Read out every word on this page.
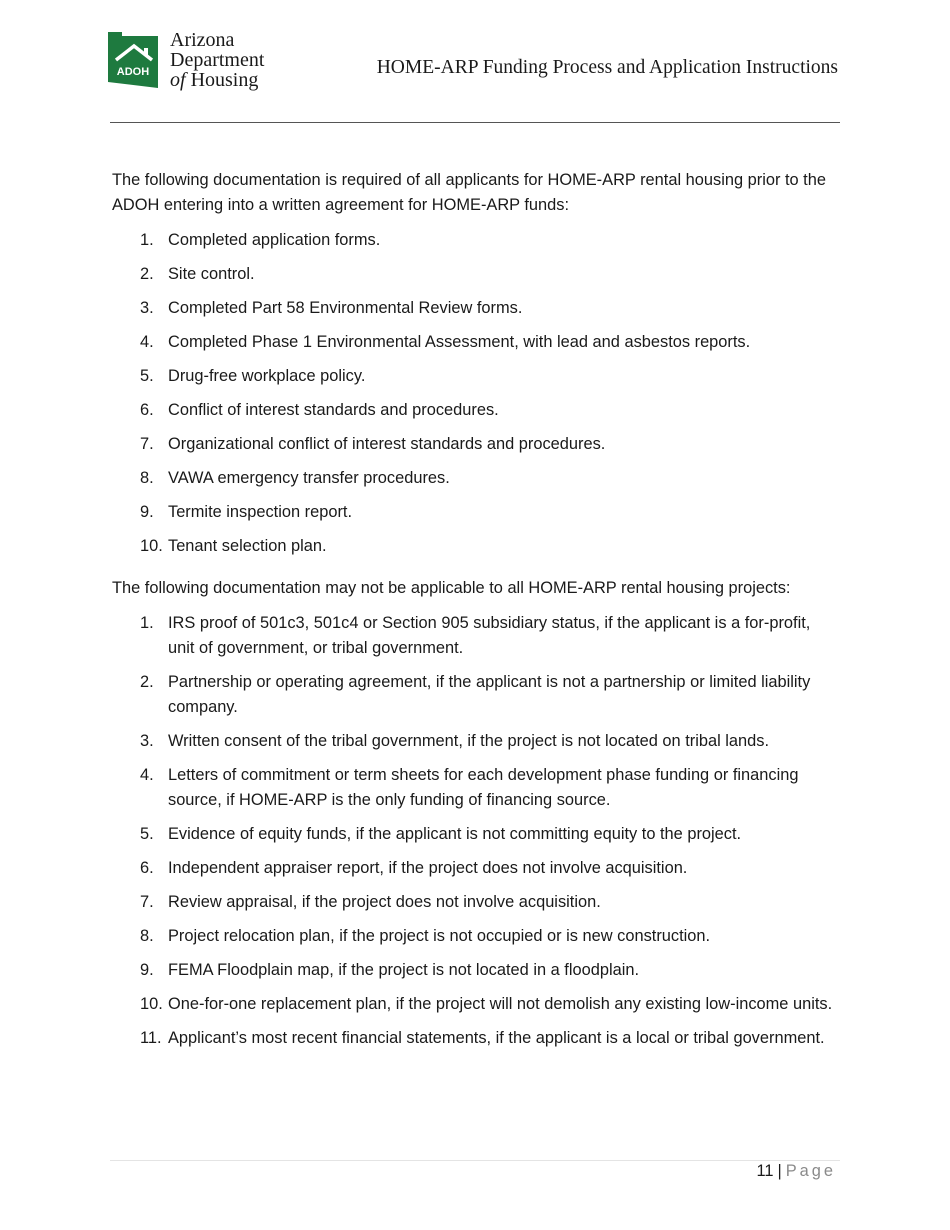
ADOH
Arizona
Department
of Housing
HOME-ARP Funding Process and Application Instructions

The following documentation is required of all applicants for HOME-ARP rental housing prior to the ADOH entering into a written agreement for HOME-ARP funds:

1. Completed application forms.
2. Site control.
3. Completed Part 58 Environmental Review forms.
4. Completed Phase 1 Environmental Assessment, with lead and asbestos reports.
5. Drug-free workplace policy.
6. Conflict of interest standards and procedures.
7. Organizational conflict of interest standards and procedures.
8. VAWA emergency transfer procedures.
9. Termite inspection report.
10. Tenant selection plan.

The following documentation may not be applicable to all HOME-ARP rental housing projects:

1. IRS proof of 501c3, 501c4 or Section 905 subsidiary status, if the applicant is a for-profit, unit of government, or tribal government.
2. Partnership or operating agreement, if the applicant is not a partnership or limited liability company.
3. Written consent of the tribal government, if the project is not located on tribal lands.
4. Letters of commitment or term sheets for each development phase funding or financing source, if HOME-ARP is the only funding of financing source.
5. Evidence of equity funds, if the applicant is not committing equity to the project.
6. Independent appraiser report, if the project does not involve acquisition.
7. Review appraisal, if the project does not involve acquisition.
8. Project relocation plan, if the project is not occupied or is new construction.
9. FEMA Floodplain map, if the project is not located in a floodplain.
10. One-for-one replacement plan, if the project will not demolish any existing low-income units.
11. Applicant’s most recent financial statements, if the applicant is a local or tribal government.
11 | Page
